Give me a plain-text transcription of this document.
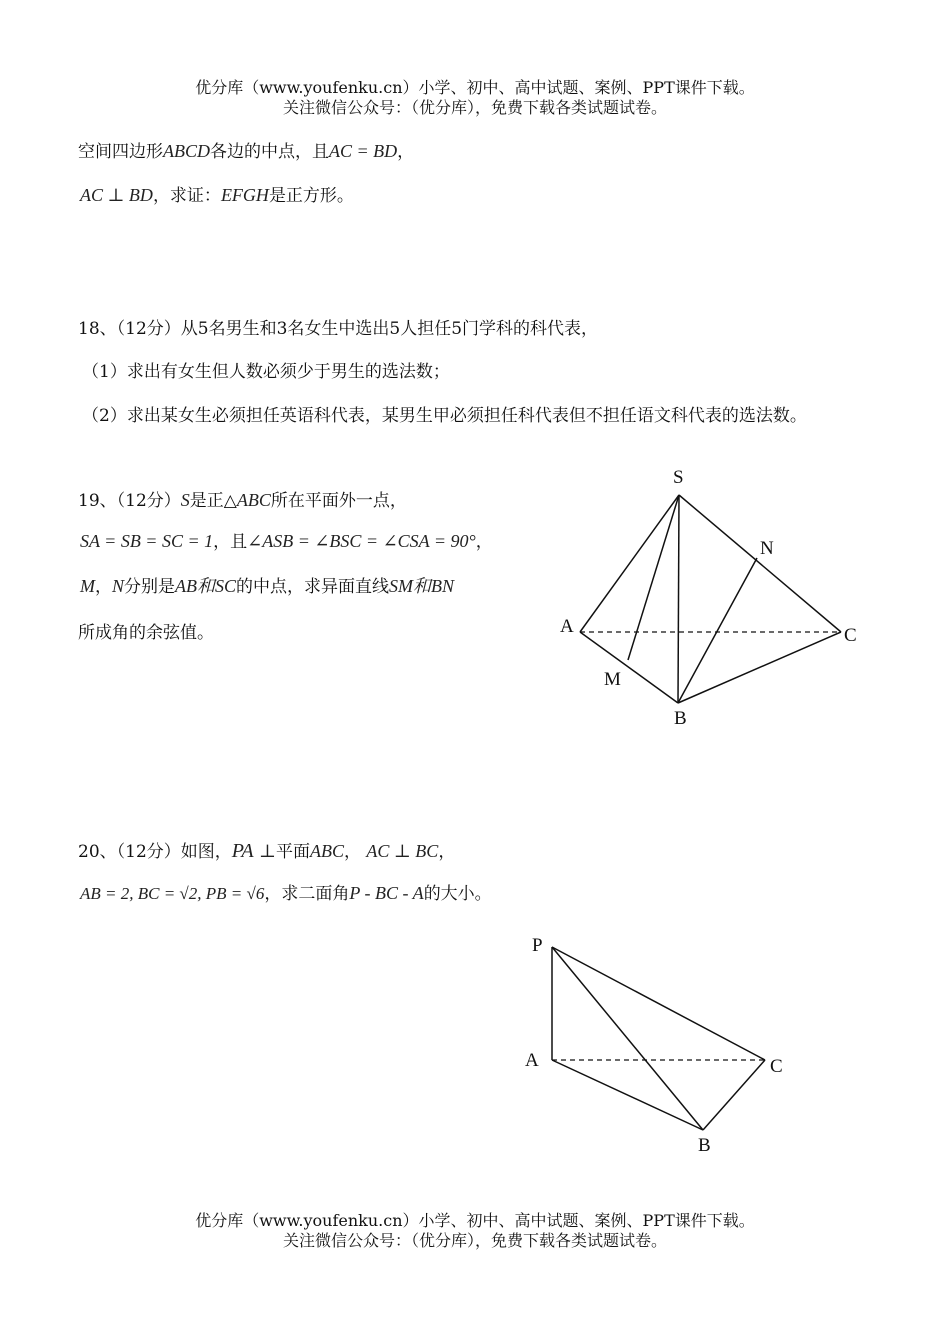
优分库（www.youfenku.cn）小学、初中、高中试题、案例、PPT课件下载。
关注微信公众号：（优分库），免费下载各类试题试卷。
空间四边形ABCD各边的中点，且AC = BD，
AC ⊥ BD，求证：EFGH是正方形。
18、（12分）从5名男生和3名女生中选出5人担任5门学科的科代表，
（1）求出有女生但人数必须少于男生的选法数；
（2）求出某女生必须担任英语科代表，某男生甲必须担任科代表但不担任语文科代表的选法数。
19、（12分）S是正△ABC所在平面外一点，
SA = SB = SC = 1，且∠ASB = ∠BSC = ∠CSA = 90°，
M，N分别是AB和SC的中点，求异面直线SM和BN
所成角的余弦值。
S
N
A	C
M
B
20、（12分）如图，PA ⊥平面ABC， AC ⊥ BC，
AB = 2, BC = √2, PB = √6，求二面角P - BC - A的大小。
P
A	C
B
优分库（www.youfenku.cn）小学、初中、高中试题、案例、PPT课件下载。
关注微信公众号：（优分库），免费下载各类试题试卷。
